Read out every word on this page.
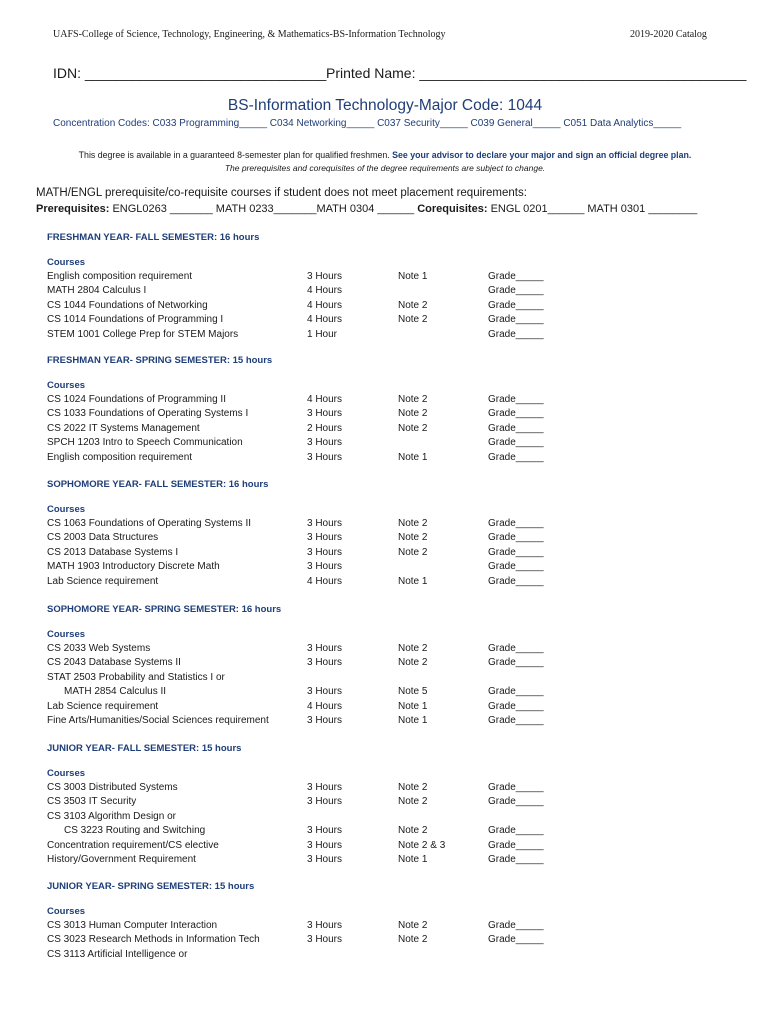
UAFS-College of Science, Technology, Engineering, & Mathematics-BS-Information Technology	2019-2020 Catalog
IDN: _______________________________ Printed Name: __________________________________________
BS-Information Technology-Major Code: 1044
Concentration Codes: C033 Programming_____ C034 Networking_____ C037 Security_____ C039 General_____ C051 Data Analytics_____
This degree is available in a guaranteed 8-semester plan for qualified freshmen. See your advisor to declare your major and sign an official degree plan.
The prerequisites and corequisites of the degree requirements are subject to change.
MATH/ENGL prerequisite/co-requisite courses if student does not meet placement requirements:
Prerequisites: ENGL0263 _______ MATH 0233_______MATH 0304 ______ Corequisites: ENGL 0201______ MATH 0301 ________
FRESHMAN YEAR- FALL SEMESTER: 16 hours
Courses
English composition requirement	3 Hours	Note 1	Grade_____
MATH 2804 Calculus I	4 Hours	Grade_____
CS 1044 Foundations of Networking	4 Hours	Note 2	Grade_____
CS 1014 Foundations of Programming I	4 Hours	Note 2	Grade_____
STEM 1001 College Prep for STEM Majors	1 Hour	Grade_____
FRESHMAN YEAR- SPRING SEMESTER: 15 hours
Courses
CS 1024 Foundations of Programming II	4 Hours	Note 2	Grade_____
CS 1033 Foundations of Operating Systems I	3 Hours	Note 2	Grade_____
CS 2022 IT Systems Management	2 Hours	Note 2	Grade_____
SPCH 1203 Intro to Speech Communication	3 Hours	Grade_____
English composition requirement	3 Hours	Note 1	Grade_____
SOPHOMORE YEAR- FALL SEMESTER: 16 hours
Courses
CS 1063 Foundations of Operating Systems II	3 Hours	Note 2	Grade_____
CS 2003 Data Structures	3 Hours	Note 2	Grade_____
CS 2013 Database Systems I	3 Hours	Note 2	Grade_____
MATH 1903 Introductory Discrete Math	3 Hours	Grade_____
Lab Science requirement	4 Hours	Note 1	Grade_____
SOPHOMORE YEAR- SPRING SEMESTER: 16 hours
Courses
CS 2033 Web Systems	3 Hours	Note 2	Grade_____
CS 2043 Database Systems II	3 Hours	Note 2	Grade_____
STAT 2503 Probability and Statistics I or
MATH 2854 Calculus II	3 Hours	Note 5	Grade_____
Lab Science requirement	4 Hours	Note 1	Grade_____
Fine Arts/Humanities/Social Sciences requirement	3 Hours	Note 1	Grade_____
JUNIOR YEAR- FALL SEMESTER: 15 hours
Courses
CS 3003 Distributed Systems	3 Hours	Note 2	Grade_____
CS 3503 IT Security	3 Hours	Note 2	Grade_____
CS 3103 Algorithm Design or
CS 3223 Routing and Switching	3 Hours	Note 2	Grade_____
Concentration requirement/CS elective	3 Hours	Note 2 & 3	Grade_____
History/Government Requirement	3 Hours	Note 1	Grade_____
JUNIOR YEAR- SPRING SEMESTER: 15 hours
Courses
CS 3013 Human Computer Interaction	3 Hours	Note 2	Grade_____
CS 3023 Research Methods in Information Tech	3 Hours	Note 2	Grade_____
CS 3113 Artificial Intelligence or
